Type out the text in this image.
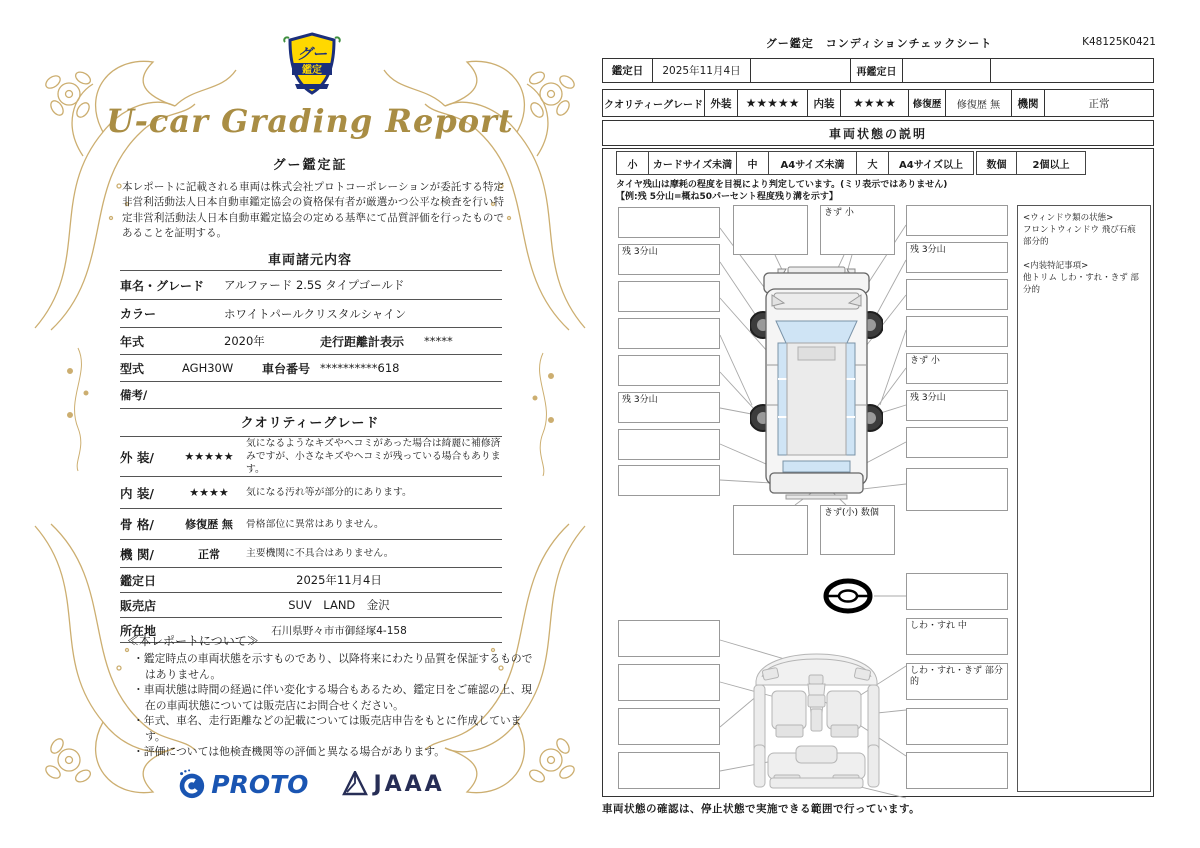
グー
鑑定
U-car Grading Report
グー鑑定証
本レポートに記載される車両は株式会社プロトコーポレーションが委託する特定非営利活動法人日本自動車鑑定協会の資格保有者が厳選かつ公平な検査を行い特定非営利活動法人日本自動車鑑定協会の定める基準にて品質評価を行ったものであることを証明する。
車両諸元内容
車名・グレード	アルファード 2.5S タイプゴールド
カラー	ホワイトパールクリスタルシャイン
年式	2020年	走行距離計表示	*****
型式	AGH30W	車台番号 **********618
備考/
クオリティーグレード
外 装/	★★★★★
気になるようなキズやヘコミがあった場合は綺麗に補修済みですが、小さなキズやヘコミが残っている場合もあります。
内 装/	★★★★	気になる汚れ等が部分的にあります。
骨 格/	修復歴 無	骨格部位に異常はありません。
機 関/	正常	主要機関に不具合はありません。
鑑定日	2025年11月4日
販売店	SUV　LAND　金沢
所在地	石川県野々市市御経塚4-158
≪本レポートについて≫
・鑑定時点の車両状態を示すものであり、以降将来にわたり品質を保証するものではありません。
・車両状態は時間の経過に伴い変化する場合もあるため、鑑定日をご確認の上、現在の車両状態については販売店にお問合せください。
・年式、車名、走行距離などの記載については販売店申告をもとに作成しています。
・評価については他検査機関等の評価と異なる場合があります。
PROTO	JAAA
グー鑑定　コンディションチェックシート	K48125K0421
鑑定日	2025年11月4日	再鑑定日
クオリティーグレード 外装	★★★★★	内装	★★★★	修復歴	修復歴 無	機関	正常
車両状態の説明
小	カードサイズ未満	中	A4サイズ未満	大	A4サイズ以上	数個	2個以上
タイヤ残山は摩耗の程度を目視により判定しています。(ミリ表示ではありません)
【例:残 5分山=概ね50パーセント程度残り溝を示す】
<ウィンドウ類の状態>
フロントウィンドウ 飛び石痕 部分的
<内装特記事項>
他トリム しわ・すれ・きず 部分的
残 3分山
残 3分山
残 3分山
きず 小
残 3分山
きず 小
きず(小) 数個
しわ・すれ 中
しわ・すれ・きず 部分的
車両状態の確認は、停止状態で実施できる範囲で行っています。
